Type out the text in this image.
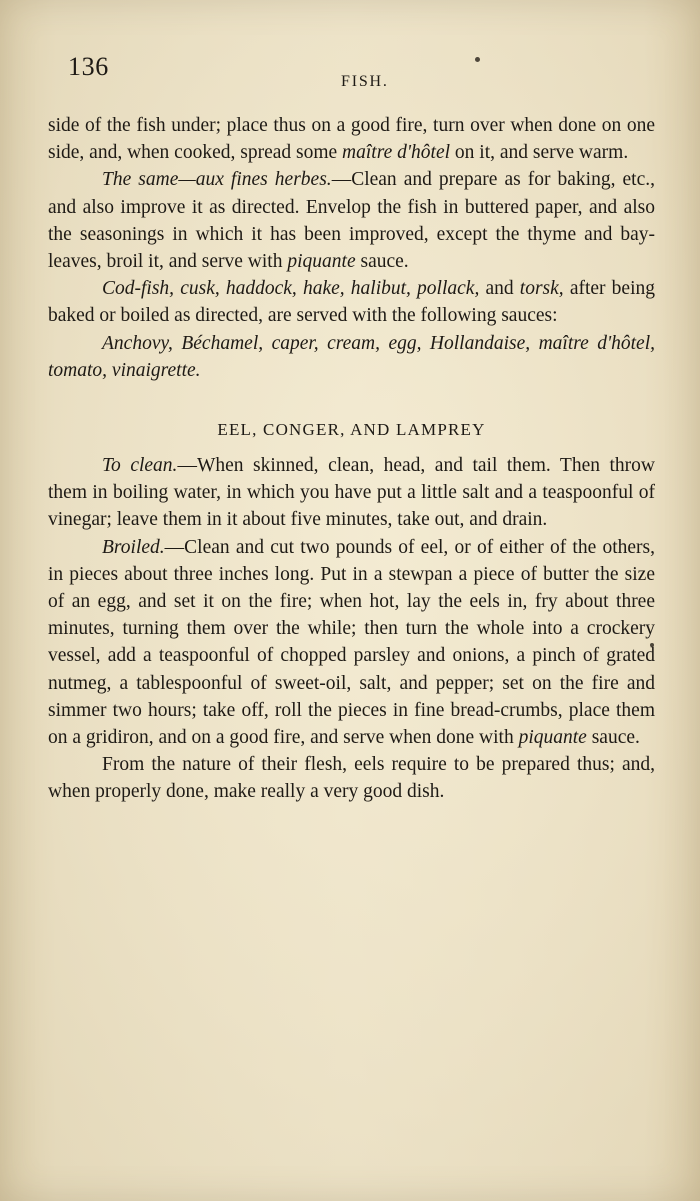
136
FISH.

side of the fish under; place thus on a good fire, turn over when done on one side, and, when cooked, spread some maître d'hôtel on it, and serve warm.

The same—aux fines herbes.—Clean and prepare as for baking, etc., and also improve it as directed. Envelop the fish in buttered paper, and also the seasonings in which it has been improved, except the thyme and bay-leaves, broil it, and serve with piquante sauce.

Cod-fish, cusk, haddock, hake, halibut, pollack, and torsk, after being baked or boiled as directed, are served with the following sauces:

Anchovy, Béchamel, caper, cream, egg, Hollandaise, maître d'hôtel, tomato, vinaigrette.

EEL, CONGER, AND LAMPREY

To clean.—When skinned, clean, head, and tail them. Then throw them in boiling water, in which you have put a little salt and a teaspoonful of vinegar; leave them in it about five minutes, take out, and drain.

Broiled.—Clean and cut two pounds of eel, or of either of the others, in pieces about three inches long. Put in a stewpan a piece of butter the size of an egg, and set it on the fire; when hot, lay the eels in, fry about three minutes, turning them over the while; then turn the whole into a crockery vessel, add a teaspoonful of chopped parsley and onions, a pinch of grated nutmeg, a tablespoonful of sweet-oil, salt, and pepper; set on the fire and simmer two hours; take off, roll the pieces in fine bread-crumbs, place them on a gridiron, and on a good fire, and serve when done with piquante sauce.

From the nature of their flesh, eels require to be prepared thus; and, when properly done, make really a very good dish.
